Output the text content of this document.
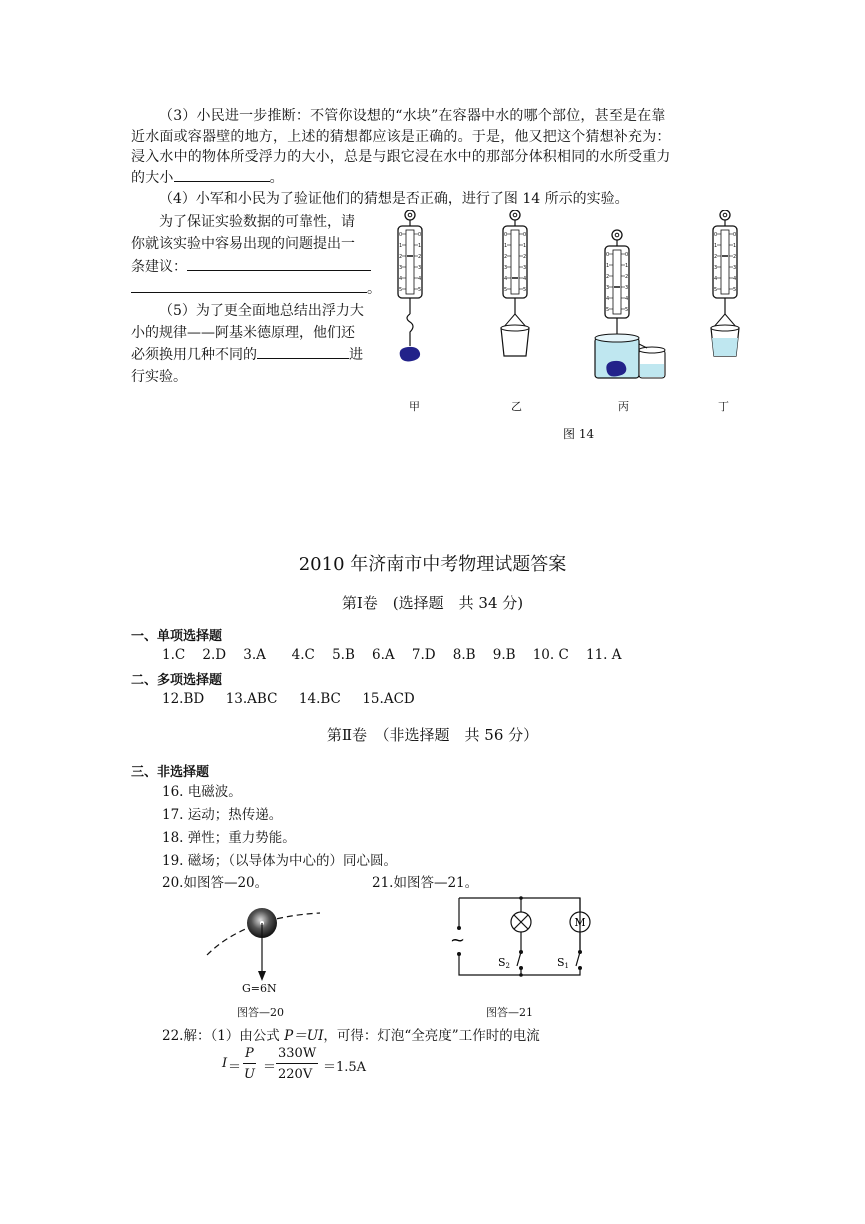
（3）小民进一步推断：不管你设想的“水块”在容器中水的哪个部位，甚至是在靠
近水面或容器壁的地方，上述的猜想都应该是正确的。于是，他又把这个猜想补充为：
浸入水中的物体所受浮力的大小，总是与跟它浸在水中的那部分体积相同的水所受重力
的大小	。
（4）小军和小民为了验证他们的猜想是否正确，进行了图 14 所示的实验。
为了保证实验数据的可靠性，请
你就该实验中容易出现的问题提出一
条建议：
。
（5）为了更全面地总结出浮力大
小的规律——阿基米德原理，他们还
必须换用几种不同的	进
行实验。
0
1
2
3
4
5
甲	乙	丙	丁
图 14
2010 年济南市中考物理试题答案
第Ⅰ卷　(选择题　共 34 分)
一、单项选择题
1.C 2.D 3.A 4.C 5.B 6.A 7.D 8.B 9.B 10. C 11. A
二、多项选择题
12.BD 13.ABC 14.BC 15.ACD
第Ⅱ卷　（非选择题　共 56 分）
三、非选择题
16. 电磁波。
17. 运动；热传递。
18. 弹性；重力势能。
19. 磁场；（以导体为中心的）同心圆。
20.如图答—20。	21.如图答—21。
G=6N
图答—20
M
~
S2	S1
图答—21
22.解：（1）由公式 P＝UI，可得：灯泡“全亮度”工作时的电流
I ＝
P
U ＝
330W
220V ＝1.5A
